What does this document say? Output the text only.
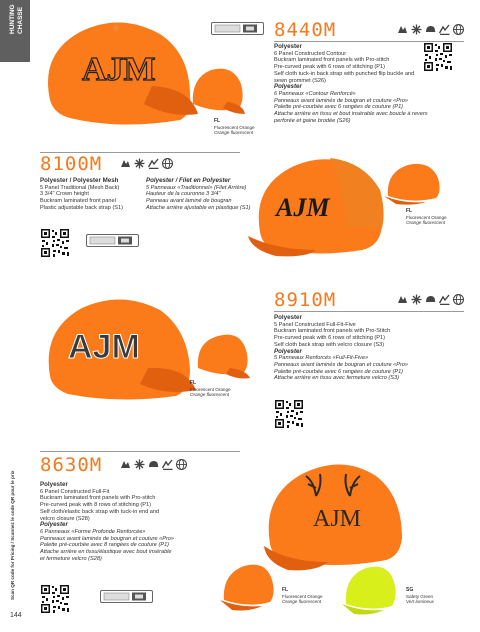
HUNTING CHASSE
Scan QR code for Pricing / Scannez le code QR pour le prix
144
AJM
FL
Fluorescent Orange
Orange fluorescent
8440M
Polyester
6 Panel Constructed Contour
Buckram laminated front panels with Pro-stitch
Pre-curved peak with 6 rows of stitching (P1)
Self cloth tuck-in back strap with punched flip buckle and
sewn grommet (S26)
Polyester
6 Panneaux «Contour Renforcé»
Panneaux avant laminés de bougran et couture «Pro»
Palette pré-courbée avec 6 rangées de couture (P1)
Attache arrière en tissu et bout insérable avec boucle à revers
perforée et gaine brodée (S26)
8100M
Polyester / Polyester Mesh
5 Panel Traditional (Mesh Back)
3 3/4" Crown height
Buckram laminated front panel
Plastic adjustable back strap (S1)
Polyester / Filet en Polyester
5 Panneaux «Traditionnel» (Filet Arrière)
Hauteur de la couronne 3 3/4"
Panneau avant laminé de bougran
Attache arrière ajustable en plastique (S1) AJM	FL
Fluorescent Orange
Orange fluorescent
AJM
FL
Fluorescent Orange
Orange fluorescent
8910M
Polyester
5 Panel Constructed Full-Fit-Five
Buckram laminated front panels with Pro-Stitch
Pre-curved peak with 6 rows of stitching (P1)
Self cloth back strap with velcro closure (S3)
Polyester
5 Panneaux Renforcés «Full-Fit-Five»
Panneaux avant laminés de bougran et couture «Pro»
Palette pré-courbée avec 6 rangées de couture (P1)
Attache arrière en tissu avec fermeture velcro (S3)
8630M
Polyester
6 Panel Constructed Full-Fit
Buckram laminated front panels with Pro-stitch
Pre-curved peak with 8 rows of stitching (P1)
Self cloth/elastic back strap with tuck-in end and
velcro closure (S28)
Polyester
6 Panneaux «Forme Profonde Renforcée»
Panneaux avant laminés de bougran et couture «Pro»
Palette pré-courbée avec 8 rangées de couture (P1)
Attache arrière en tissu/élastique avec bout insérable
et fermeture velcro (S28)
AJM
FL
Fluorescent Orange
Orange fluorescent
SG
Safety Green
Vert lumineux
